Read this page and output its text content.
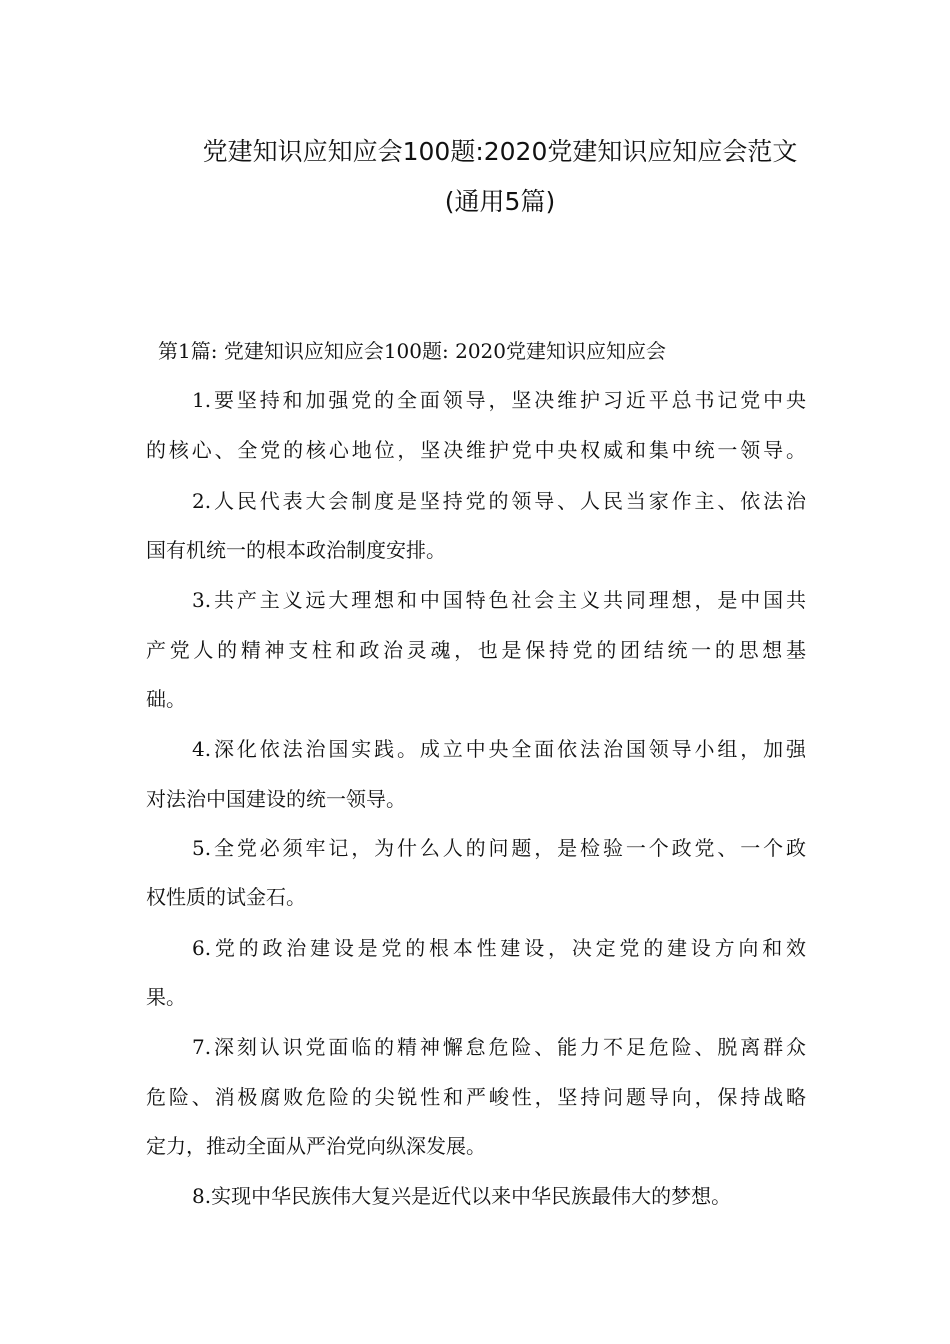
党建知识应知应会100题:2020党建知识应知应会范文
(通用5篇)
第1篇: 党建知识应知应会100题: 2020党建知识应知应会
1.要坚持和加强党的全面领导，坚决维护习近平总书记党中央
的核心、全党的核心地位，坚决维护党中央权威和集中统一领导。
2.人民代表大会制度是坚持党的领导、人民当家作主、依法治
国有机统一的根本政治制度安排。
3.共产主义远大理想和中国特色社会主义共同理想，是中国共
产党人的精神支柱和政治灵魂，也是保持党的团结统一的思想基
础。
4.深化依法治国实践。成立中央全面依法治国领导小组，加强
对法治中国建设的统一领导。
5.全党必须牢记，为什么人的问题，是检验一个政党、一个政
权性质的试金石。
6.党的政治建设是党的根本性建设，决定党的建设方向和效
果。
7.深刻认识党面临的精神懈怠危险、能力不足危险、脱离群众
危险、消极腐败危险的尖锐性和严峻性，坚持问题导向，保持战略
定力，推动全面从严治党向纵深发展。
8.实现中华民族伟大复兴是近代以来中华民族最伟大的梦想。
